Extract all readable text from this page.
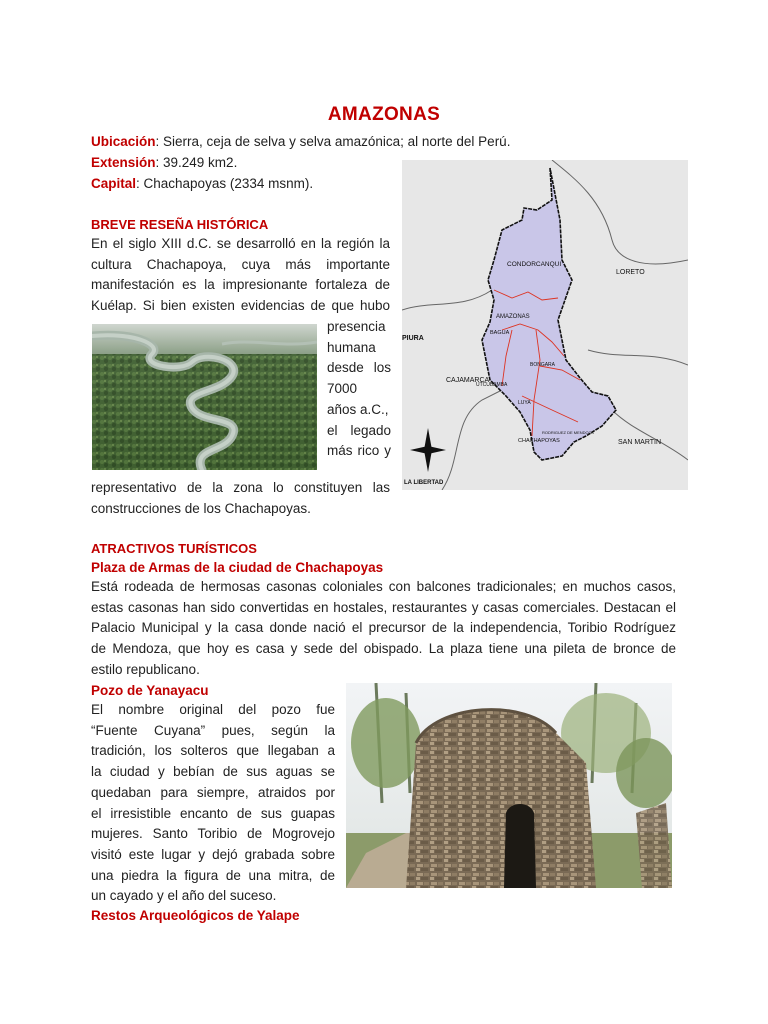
AMAZONAS
Ubicación: Sierra, ceja de selva y selva amazónica; al norte del Perú.
Extensión: 39.249 km2.
Capital: Chachapoyas (2334 msnm).
BREVE RESEÑA HISTÓRICA
En el siglo XIII d.C. se desarrolló en la región la
cultura Chachapoya, cuya más importante
manifestación es la impresionante fortaleza de
Kuélap. Si bien existen evidencias de que hubo
presencia
humana
desde los
7000
años a.C.,
el legado
más rico y
representativo de la zona lo constituyen las
construcciones de los Chachapoyas.
CONDORCANQUI
AMAZONAS
BAGUA
BONGARA
UTCUBAMBA
LUYA
RODRIGUEZ DE MENDOZA
CHACHAPOYAS
LORETO
PIURA
CAJAMARCA
SAN MARTIN
LA LIBERTAD
ATRACTIVOS TURÍSTICOS
Plaza de Armas de la ciudad de Chachapoyas
Está rodeada de hermosas casonas coloniales con balcones tradicionales; en muchos casos,
estas casonas han sido convertidas en hostales, restaurantes y casas comerciales. Destacan el
Palacio Municipal y la casa donde nació el precursor de la independencia, Toribio Rodríguez
de Mendoza, que hoy es casa y sede del obispado. La plaza tiene una pileta de bronce de
estilo republicano.
Pozo de Yanayacu
El nombre original del pozo fue
“Fuente Cuyana” pues, según la
tradición, los solteros que llegaban a
la ciudad y bebían de sus aguas se
quedaban para siempre, atraidos por
el irresistible encanto de sus guapas
mujeres. Santo Toribio de Mogrovejo
visitó este lugar y dejó grabada sobre
una piedra la figura de una mitra, de
un cayado y el año del suceso.
Restos Arqueológicos de Yalape
